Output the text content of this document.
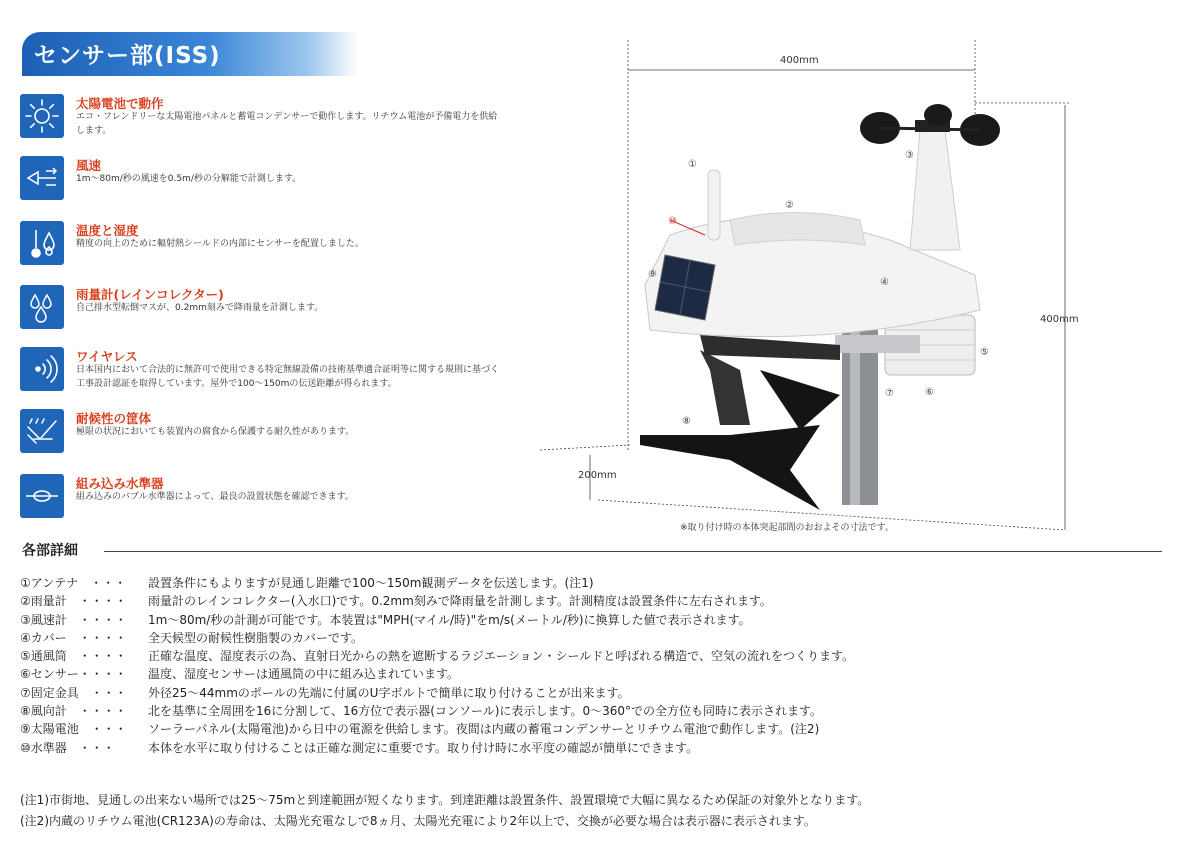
センサー部(ISS)
太陽電池で動作
エコ・フレンドリーな太陽電池パネルと蓄電コンデンサーで動作します。リチウム電池が予備電力を供給します。
風速
1m～80m/秒の風速を0.5m/秒の分解能で計測します。
温度と湿度
精度の向上のために輻射熱シールドの内部にセンサーを配置しました。
雨量計(レインコレクター)
自己排水型転倒マスが、0.2mm刻みで降雨量を計測します。
ワイヤレス
日本国内において合法的に無許可で使用できる特定無線設備の技術基準適合証明等に関する規則に基づく工事設計認証を取得しています。屋外で100～150mの伝送距離が得られます。
耐候性の筐体
極限の状況においても装置内の腐食から保護する耐久性があります。
組み込み水準器
組み込みのバブル水準器によって、最良の設置状態を確認できます。
400mm
400mm
200mm
①
②
③
④
⑤
⑥
⑦
⑧
⑨
⑩
※取り付け時の本体突起部間のおおよその寸法です。
各部詳細
①アンテナ　・・・	設置条件にもよりますが見通し距離で100～150m観測データを伝送します。(注1)
②雨量計　・・・・	雨量計のレインコレクター(入水口)です。0.2mm刻みで降雨量を計測します。計測精度は設置条件に左右されます。
③風速計　・・・・	1m～80m/秒の計測が可能です。本装置は"MPH(マイル/時)"をm/s(メートル/秒)に換算した値で表示されます。
④カバー　・・・・	全天候型の耐候性樹脂製のカバーです。
⑤通風筒　・・・・	正確な温度、湿度表示の為、直射日光からの熱を遮断するラジエーション・シールドと呼ばれる構造で、空気の流れをつくります。
⑥センサー・・・・	温度、湿度センサーは通風筒の中に組み込まれています。
⑦固定金具　・・・	外径25～44mmのポールの先端に付属のU字ボルトで簡単に取り付けることが出来ます。
⑧風向計　・・・・	北を基準に全周囲を16に分割して、16方位で表示器(コンソール)に表示します。0～360°での全方位も同時に表示されます。
⑨太陽電池　・・・	ソーラーパネル(太陽電池)から日中の電源を供給します。夜間は内蔵の蓄電コンデンサーとリチウム電池で動作します。(注2)
⑩水準器　・・・	本体を水平に取り付けることは正確な測定に重要です。取り付け時に水平度の確認が簡単にできます。
(注1)市街地、見通しの出来ない場所では25～75mと到達範囲が短くなります。到達距離は設置条件、設置環境で大幅に異なるため保証の対象外となります。
(注2)内蔵のリチウム電池(CR123A)の寿命は、太陽光充電なしで8ヵ月、太陽光充電により2年以上で、交換が必要な場合は表示器に表示されます。
